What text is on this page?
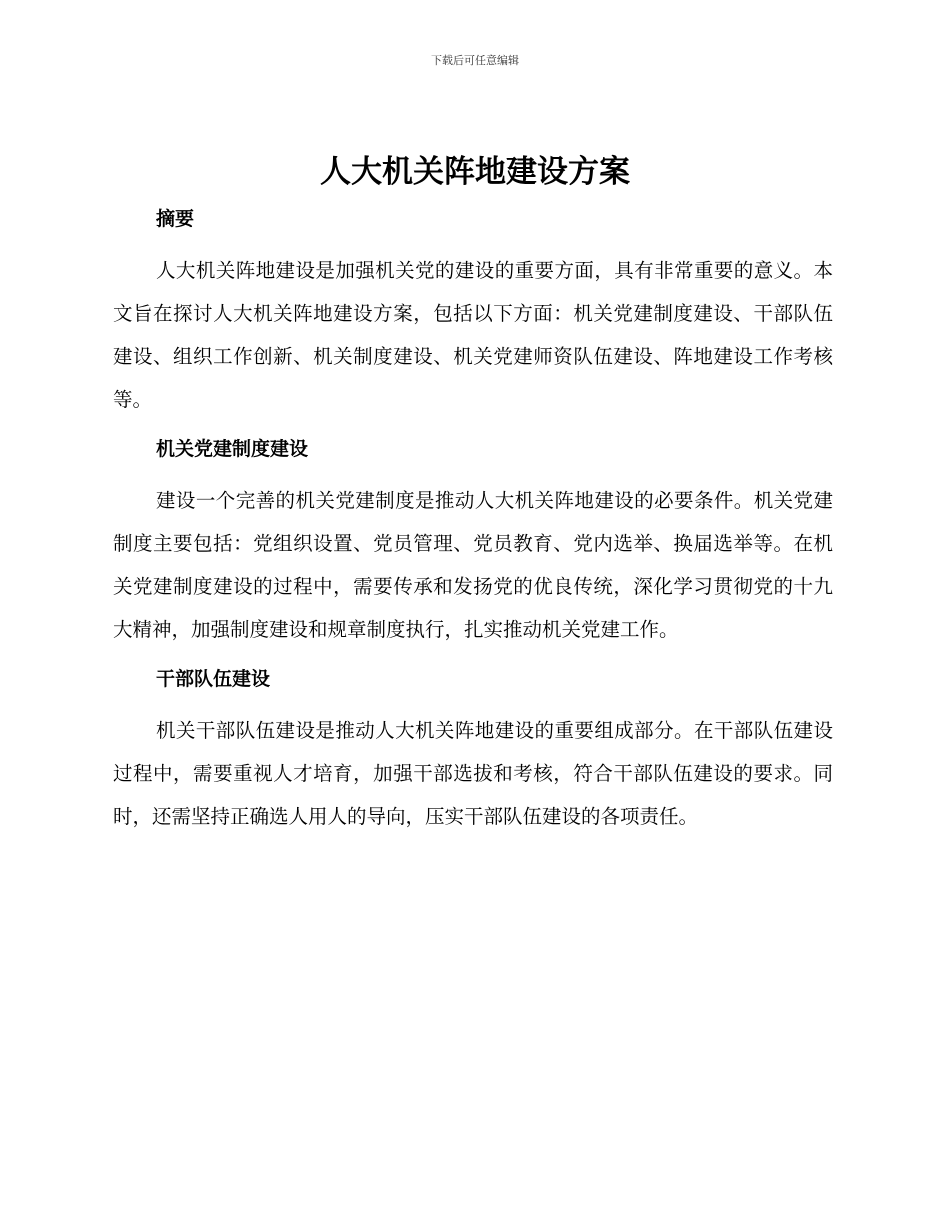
下载后可任意编辑
人大机关阵地建设方案
摘要

人大机关阵地建设是加强机关党的建设的重要方面，具有非常重要的意义。本文旨在探讨人大机关阵地建设方案，包括以下方面：机关党建制度建设、干部队伍建设、组织工作创新、机关制度建设、机关党建师资队伍建设、阵地建设工作考核等。

机关党建制度建设

建设一个完善的机关党建制度是推动人大机关阵地建设的必要条件。机关党建制度主要包括：党组织设置、党员管理、党员教育、党内选举、换届选举等。在机关党建制度建设的过程中，需要传承和发扬党的优良传统，深化学习贯彻党的十九大精神，加强制度建设和规章制度执行，扎实推动机关党建工作。

干部队伍建设

机关干部队伍建设是推动人大机关阵地建设的重要组成部分。在干部队伍建设过程中，需要重视人才培育，加强干部选拔和考核，符合干部队伍建设的要求。同时，还需坚持正确选人用人的导向，压实干部队伍建设的各项责任。
